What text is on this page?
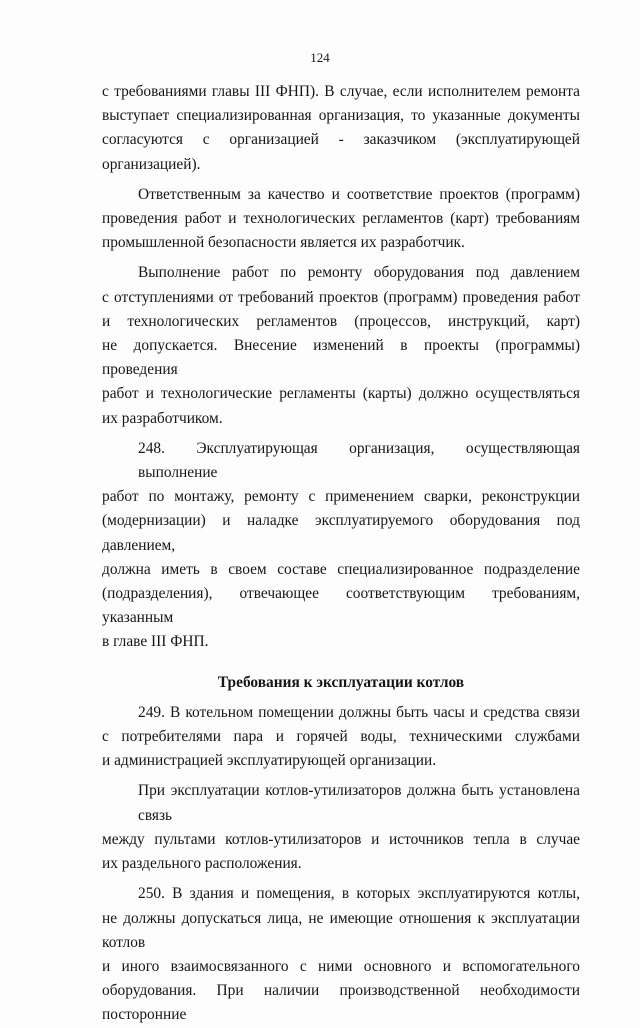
124

с требованиями главы III ФНП). В случае, если исполнителем ремонта
выступает специализированная организация, то указанные документы
согласуются с организацией - заказчиком (эксплуатирующей организацией).

Ответственным за качество и соответствие проектов (программ)
проведения работ и технологических регламентов (карт) требованиям
промышленной безопасности является их разработчик.

Выполнение работ по ремонту оборудования под давлением
с отступлениями от требований проектов (программ) проведения работ
и технологических регламентов (процессов, инструкций, карт)
не допускается. Внесение изменений в проекты (программы) проведения
работ и технологические регламенты (карты) должно осуществляться
их разработчиком.

248. Эксплуатирующая организация, осуществляющая выполнение
работ по монтажу, ремонту с применением сварки, реконструкции
(модернизации) и наладке эксплуатируемого оборудования под давлением,
должна иметь в своем составе специализированное подразделение
(подразделения), отвечающее соответствующим требованиям, указанным
в главе III ФНП.

Требования к эксплуатации котлов

249. В котельном помещении должны быть часы и средства связи
с потребителями пара и горячей воды, техническими службами
и администрацией эксплуатирующей организации.

При эксплуатации котлов-утилизаторов должна быть установлена связь
между пультами котлов-утилизаторов и источников тепла в случае
их раздельного расположения.

250. В здания и помещения, в которых эксплуатируются котлы,
не должны допускаться лица, не имеющие отношения к эксплуатации котлов
и иного взаимосвязанного с ними основного и вспомогательного
оборудования. При наличии производственной необходимости посторонние
